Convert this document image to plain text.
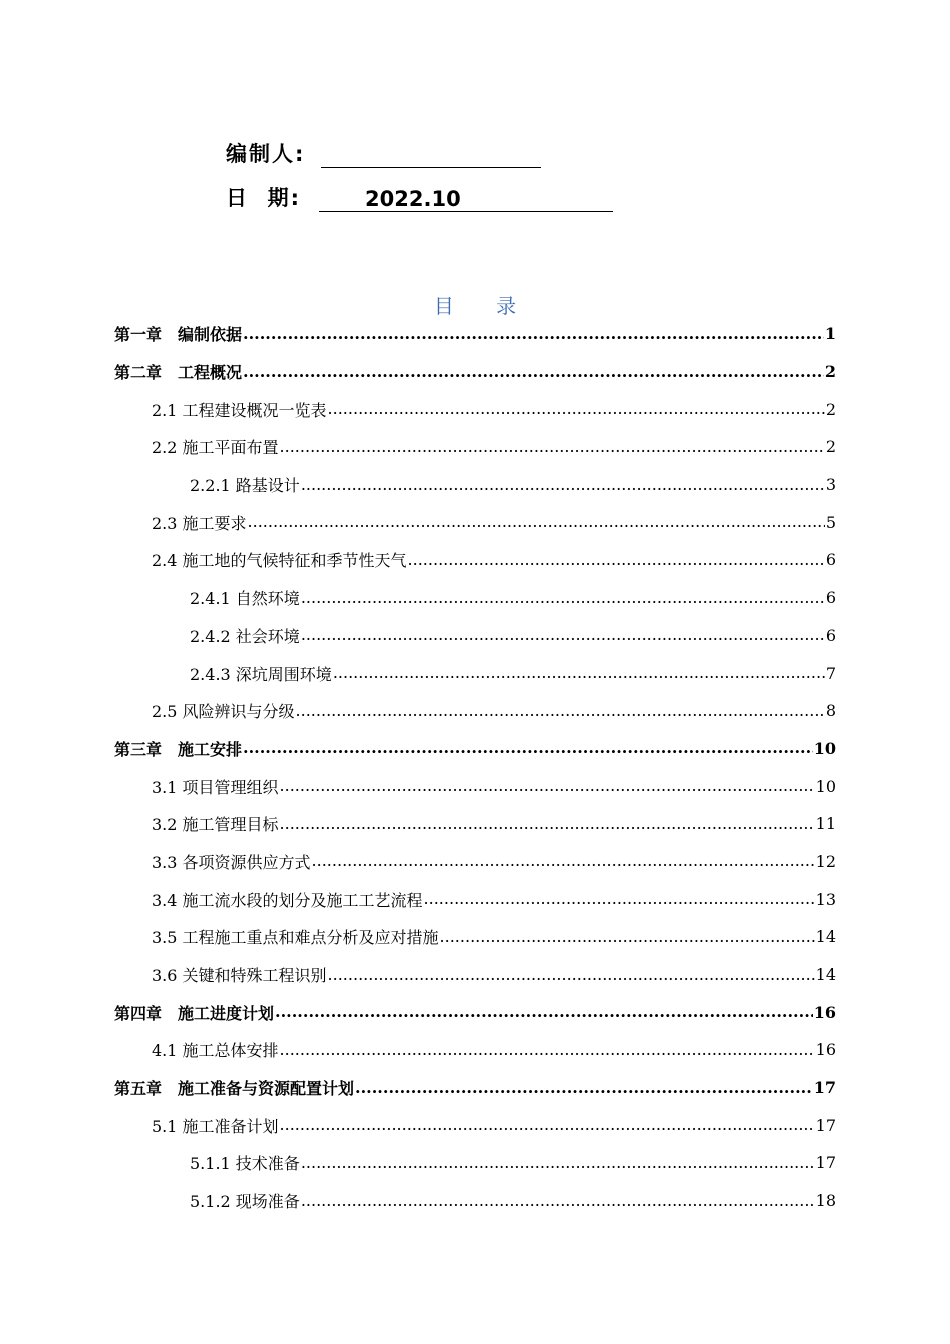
编制人:
日  期:	2022.10
目 录
第一章　编制依据 .....	1
第二章　工程概况 .....	2
2.1 工程建设概况一览表 .....	2
2.2 施工平面布置 .....	2
2.2.1 路基设计 .....	3
2.3 施工要求 .....	5
2.4 施工地的气候特征和季节性天气 .....	6
2.4.1 自然环境 .....	6
2.4.2 社会环境 .....	6
2.4.3 深坑周围环境 .....	7
2.5 风险辨识与分级 .....	8
第三章　施工安排 .....	10
3.1 项目管理组织 .....	10
3.2 施工管理目标 .....	11
3.3 各项资源供应方式 .....	12
3.4 施工流水段的划分及施工工艺流程 .....	13
3.5 工程施工重点和难点分析及应对措施 .....	14
3.6 关键和特殊工程识别 .....	14
第四章　施工进度计划 .....	16
4.1 施工总体安排 .....	16
第五章　施工准备与资源配置计划 .....	17
5.1 施工准备计划 .....	17
5.1.1 技术准备 .....	17
5.1.2 现场准备 .....	18
